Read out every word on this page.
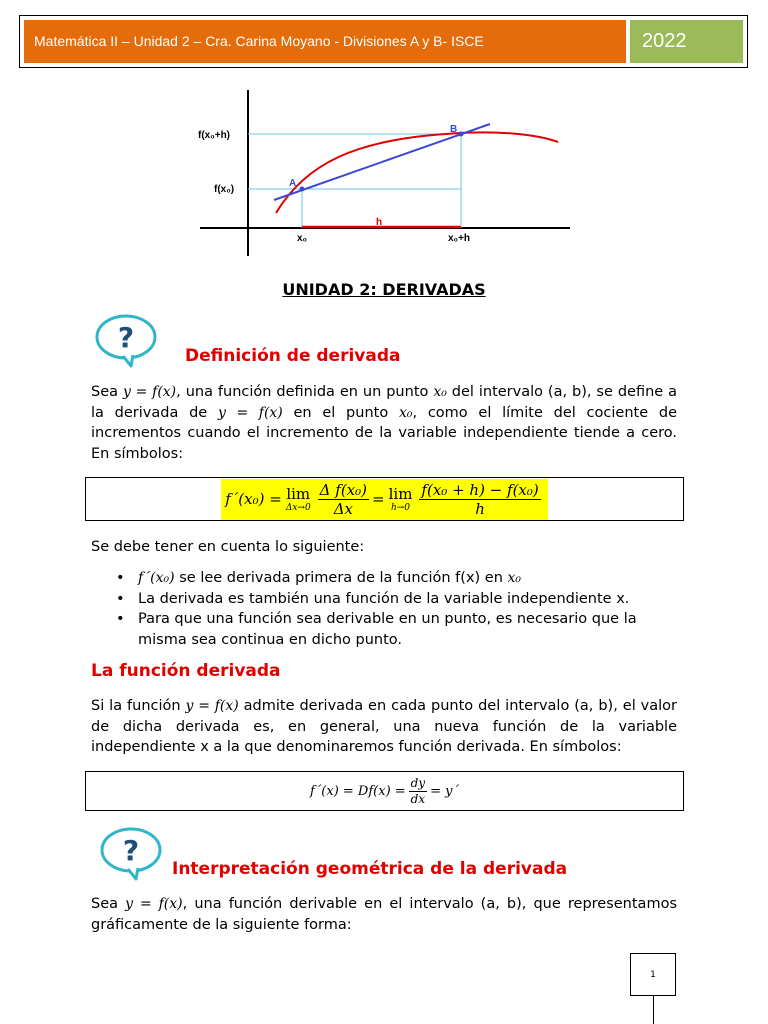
Matemática II – Unidad 2 – Cra. Carina Moyano - Divisiones A y B- ISCE	2022
f(x₀+h)
f(x₀)
A
B
h
x₀	x₀+h
UNIDAD 2: DERIVADAS
?
Definición de derivada
Sea y = f(x), una función definida en un punto x₀ del intervalo (a, b), se define a la derivada de y = f(x) en el punto x₀, como el límite del cociente de incrementos cuando el incremento de la variable independiente tiende a cero. En símbolos:
f´(x₀) = lim
$\Delta x\to 0 \frac{\text{Δ f(x₀)}}{\Delta x} = \lim$
$h\to 0 \frac{\text{f(x₀ + h) − f(x₀)}}{h}$
Se debe tener en cuenta lo siguiente:
• f´(x₀) se lee derivada primera de la función f(x) en x₀
• La derivada es también una función de la variable independiente x.
• Para que una función sea derivable en un punto, es necesario que la misma sea continua en dicho punto.
La función derivada
Si la función y = f(x) admite derivada en cada punto del intervalo (a, b), el valor de dicha derivada es, en general, una nueva función de la variable independiente x a la que denominaremos función derivada. En símbolos:
f´(x) = $Df(x) = \frac{dy}{dx}$ = y´
?
Interpretación geométrica de la derivada
Sea y = f(x), una función derivable en el intervalo (a, b), que representamos gráficamente de la siguiente forma:
1
